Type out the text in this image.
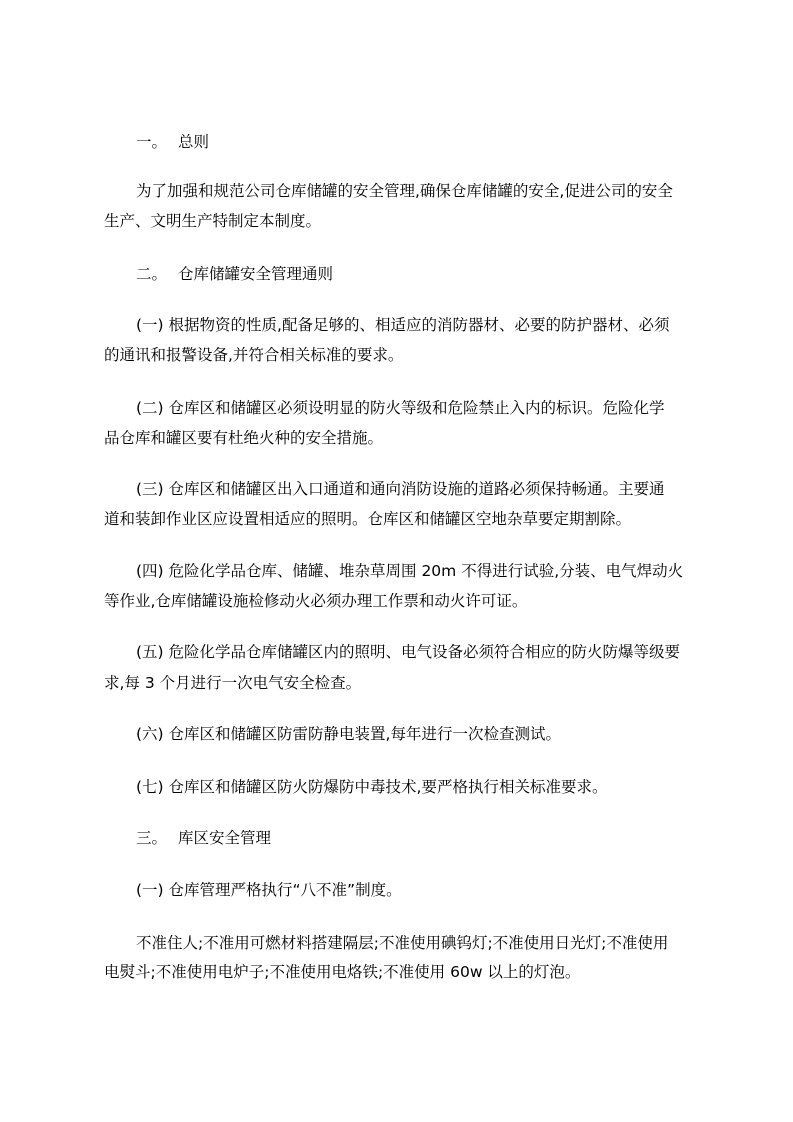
一。 总则

为了加强和规范公司仓库储罐的安全管理,确保仓库储罐的安全,促进公司的安全

生产、文明生产特制定本制度。

二。 仓库储罐安全管理通则

(一) 根据物资的性质,配备足够的、相适应的消防器材、必要的防护器材、必须

的通讯和报警设备,并符合相关标准的要求。

(二) 仓库区和储罐区必须设明显的防火等级和危险禁止入内的标识。危险化学

品仓库和罐区要有杜绝火种的安全措施。

(三) 仓库区和储罐区出入口通道和通向消防设施的道路必须保持畅通。主要通

道和装卸作业区应设置相适应的照明。仓库区和储罐区空地杂草要定期割除。

(四) 危险化学品仓库、储罐、堆杂草周围 20m 不得进行试验,分装、电气焊动火

等作业,仓库储罐设施检修动火必须办理工作票和动火许可证。

(五) 危险化学品仓库储罐区内的照明、电气设备必须符合相应的防火防爆等级要

求,每 3 个月进行一次电气安全检查。

(六) 仓库区和储罐区防雷防静电装置,每年进行一次检查测试。

(七) 仓库区和储罐区防火防爆防中毒技术,要严格执行相关标准要求。

三。 库区安全管理

(一) 仓库管理严格执行“八不准”制度。

不准住人;不准用可燃材料搭建隔层;不准使用碘钨灯;不准使用日光灯;不准使用

电熨斗;不准使用电炉子;不准使用电烙铁;不准使用 60w 以上的灯泡。
